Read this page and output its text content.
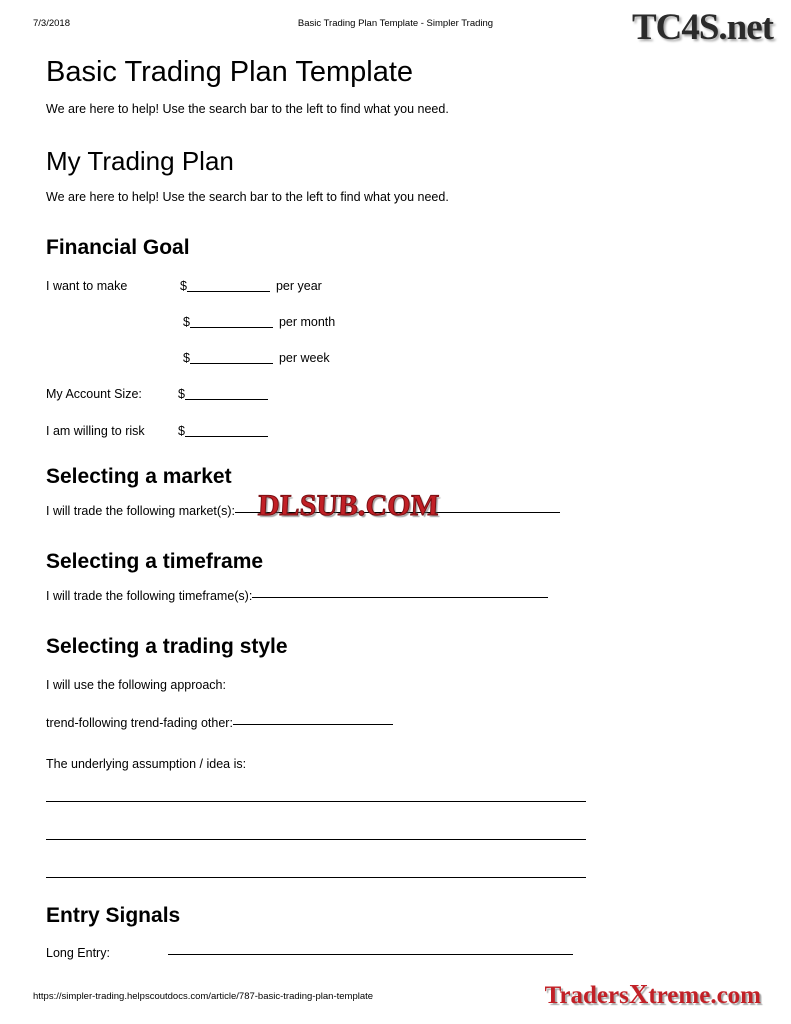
7/3/2018	Basic Trading Plan Template - Simpler Trading	TC4S.net
Basic Trading Plan Template

We are here to help! Use the search bar to the left to find what you need.

My Trading Plan

We are here to help! Use the search bar to the left to find what you need.

Financial Goal
I want to make	$	per year
$	per month
$	per week
My Account Size:	$
I am willing to risk	$
Selecting a market
I will trade the following market(s):
Selecting a timeframe
I will trade the following timeframe(s):
Selecting a trading style

I will use the following approach:

trend-following trend-fading other:

The underlying assumption / idea is:

Entry Signals
Long Entry:
DLSUB.COM
https://simpler-trading.helpscoutdocs.com/article/787-basic-trading-plan-template	TradersXtreme.com
